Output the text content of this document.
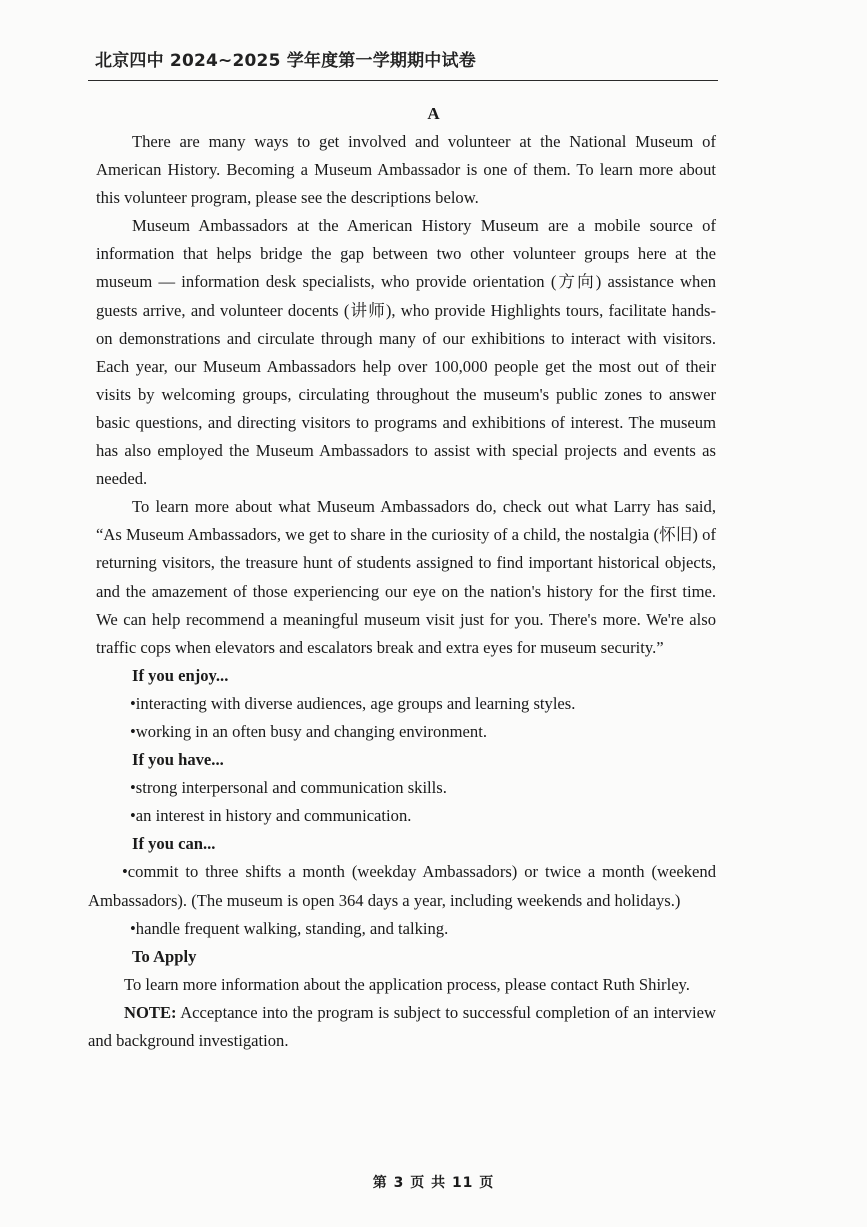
北京四中 2024~2025 学年度第一学期期中试卷
A

There are many ways to get involved and volunteer at the National Museum of American History. Becoming a Museum Ambassador is one of them. To learn more about this volunteer program, please see the descriptions below.

Museum Ambassadors at the American History Museum are a mobile source of information that helps bridge the gap between two other volunteer groups here at the museum — information desk specialists, who provide orientation (方向) assistance when guests arrive, and volunteer docents (讲师), who provide Highlights tours, facilitate hands-on demonstrations and circulate through many of our exhibitions to interact with visitors. Each year, our Museum Ambassadors help over 100,000 people get the most out of their visits by welcoming groups, circulating throughout the museum's public zones to answer basic questions, and directing visitors to programs and exhibitions of interest. The museum has also employed the Museum Ambassadors to assist with special projects and events as needed.

To learn more about what Museum Ambassadors do, check out what Larry has said, “As Museum Ambassadors, we get to share in the curiosity of a child, the nostalgia (怀旧) of returning visitors, the treasure hunt of students assigned to find important historical objects, and the amazement of those experiencing our eye on the nation's history for the first time. We can help recommend a meaningful museum visit just for you. There's more. We're also traffic cops when elevators and escalators break and extra eyes for museum security.”

If you enjoy...

•interacting with diverse audiences, age groups and learning styles.

•working in an often busy and changing environment.

If you have...

•strong interpersonal and communication skills.

•an interest in history and communication.

If you can...

•commit to three shifts a month (weekday Ambassadors) or twice a month (weekend Ambassadors). (The museum is open 364 days a year, including weekends and holidays.)

•handle frequent walking, standing, and talking.

To Apply

To learn more information about the application process, please contact Ruth Shirley.

NOTE: Acceptance into the program is subject to successful completion of an interview and background investigation.

第 3 页 共 11 页
